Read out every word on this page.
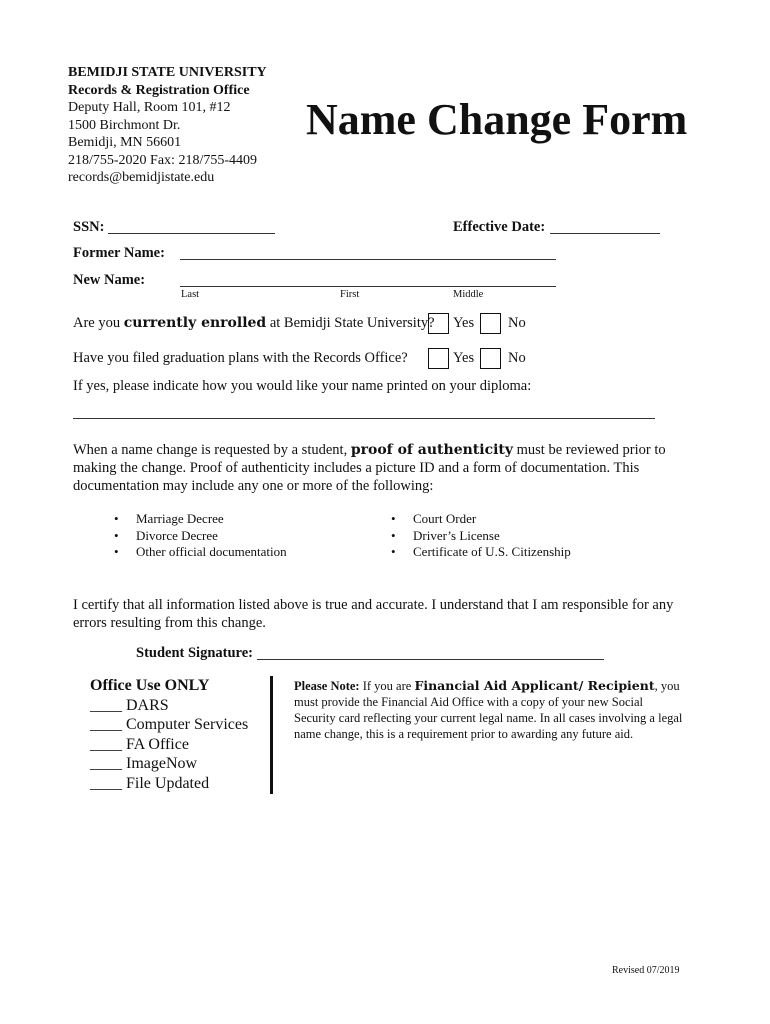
BEMIDJI STATE UNIVERSITY
Records & Registration Office
Deputy Hall, Room 101, #12
1500 Birchmont Dr.
Bemidji, MN 56601
218/755-2020 Fax: 218/755-4409
records@bemidjistate.edu
Name Change Form
SSN:	Effective Date:
Former Name:
New Name:
Last	First	Middle
Are you currently enrolled at Bemidji State University? Yes No
Have you filed graduation plans with the Records Office?	Yes No
If yes, please indicate how you would like your name printed on your diploma:
When a name change is requested by a student, proof of authenticity must be reviewed prior to making the change. Proof of authenticity includes a picture ID and a form of documentation. This documentation may include any one or more of the following:
• Marriage Decree
• Divorce Decree
• Other official documentation
• Court Order
• Driver’s License
• Certificate of U.S. Citizenship
I certify that all information listed above is true and accurate. I understand that I am responsible for any errors resulting from this change.
Student Signature:
Office Use ONLY
____ DARS
____ Computer Services
____ FA Office
____ ImageNow
____ File Updated
Please Note: If you are Financial Aid Applicant/ Recipient, you must provide the Financial Aid Office with a copy of your new Social Security card reflecting your current legal name. In all cases involving a legal name change, this is a requirement prior to awarding any future aid.
Revised 07/2019
